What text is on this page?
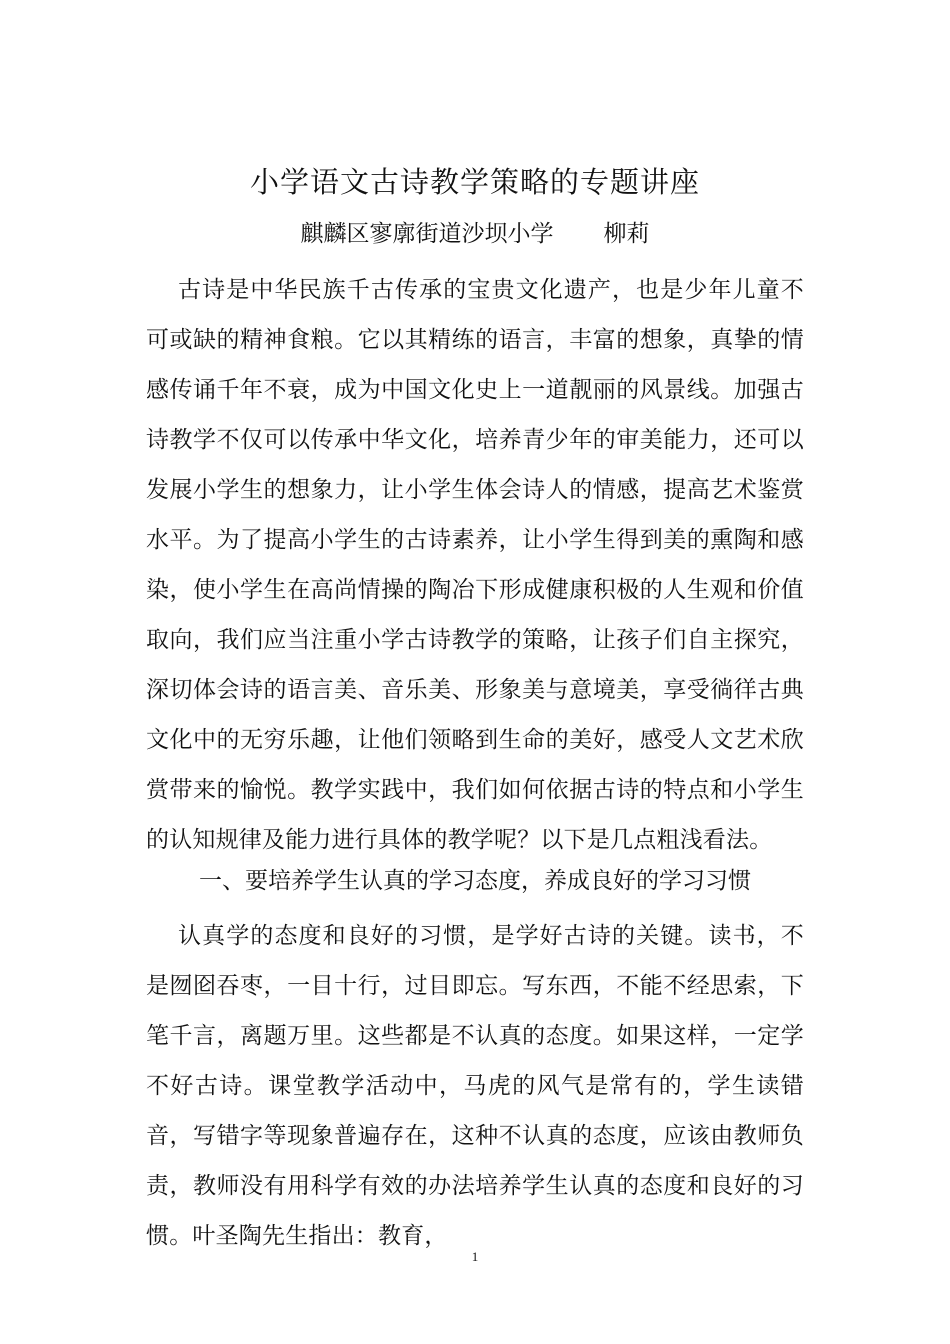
小学语文古诗教学策略的专题讲座
麒麟区寥廓街道沙坝小学 柳莉

古诗是中华民族千古传承的宝贵文化遗产，也是少年儿童不可或缺的精神食粮。它以其精练的语言，丰富的想象，真挚的情感传诵千年不衰，成为中国文化史上一道靓丽的风景线。加强古诗教学不仅可以传承中华文化，培养青少年的审美能力，还可以发展小学生的想象力，让小学生体会诗人的情感，提高艺术鉴赏水平。为了提高小学生的古诗素养，让小学生得到美的熏陶和感染，使小学生在高尚情操的陶冶下形成健康积极的人生观和价值取向，我们应当注重小学古诗教学的策略，让孩子们自主探究，深切体会诗的语言美、音乐美、形象美与意境美，享受徜徉古典文化中的无穷乐趣，让他们领略到生命的美好，感受人文艺术欣赏带来的愉悦。教学实践中，我们如何依据古诗的特点和小学生的认知规律及能力进行具体的教学呢？以下是几点粗浅看法。

一、要培养学生认真的学习态度，养成良好的学习习惯

认真学的态度和良好的习惯，是学好古诗的关键。读书，不是囫囵吞枣，一目十行，过目即忘。写东西，不能不经思索，下笔千言，离题万里。这些都是不认真的态度。如果这样，一定学不好古诗。课堂教学活动中，马虎的风气是常有的，学生读错音，写错字等现象普遍存在，这种不认真的态度，应该由教师负责，教师没有用科学有效的办法培养学生认真的态度和良好的习惯。叶圣陶先生指出：教育，

1
